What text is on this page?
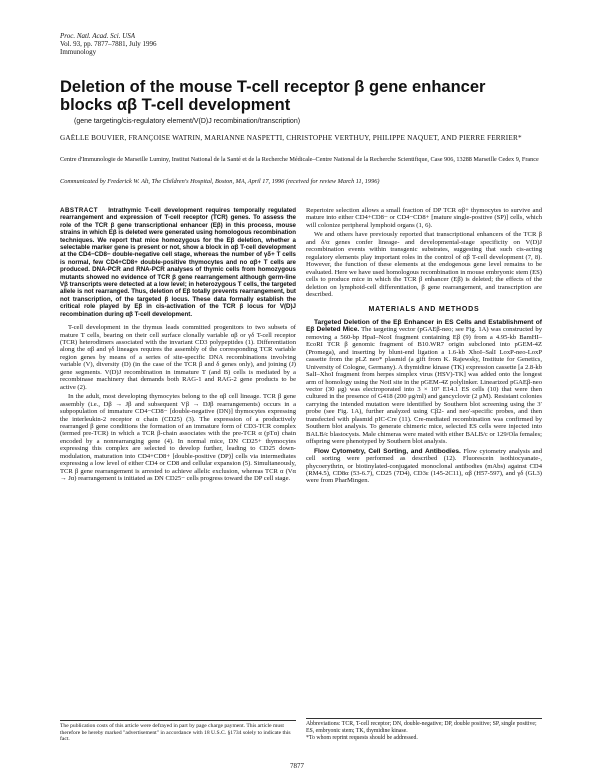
Proc. Natl. Acad. Sci. USA
Vol. 93, pp. 7877–7881, July 1996
Immunology
Deletion of the mouse T-cell receptor β gene enhancer blocks αβ T-cell development
(gene targeting/cis-regulatory element/V(D)J recombination/transcription)
GAËLLE BOUVIER, FRANÇOISE WATRIN, MARIANNE NASPETTI, CHRISTOPHE VERTHUY, PHILIPPE NAQUET, AND PIERRE FERRIER*
Centre d'Immunologie de Marseille Luminy, Institut National de la Santé et de la Recherche Médicale–Centre National de la Recherche Scientifique, Case 906, 13288 Marseille Cedex 9, France
Communicated by Frederick W. Alt, The Children's Hospital, Boston, MA, April 17, 1996 (received for review March 11, 1996)
ABSTRACT Intrathymic T-cell development requires temporally regulated rearrangement and expression of T-cell receptor (TCR) genes. To assess the role of the TCR β gene transcriptional enhancer (Eβ) in this process, mouse strains in which Eβ is deleted were generated using homologous recombination techniques. We report that mice homozygous for the Eβ deletion, whether a selectable marker gene is present or not, show a block in αβ T-cell development at the CD4−CD8− double-negative cell stage, whereas the number of γδ+ T cells is normal, few CD4+CD8+ double-positive thymocytes and no αβ+ T cells are produced. DNA-PCR and RNA-PCR analyses of thymic cells from homozygous mutants showed no evidence of TCR β gene rearrangement although germ-line Vβ transcripts were detected at a low level; in heterozygous T cells, the targeted allele is not rearranged. Thus, deletion of Eβ totally prevents rearrangement, but not transcription, of the targeted β locus. These data formally establish the critical role played by Eβ in cis-activation of the TCR β locus for V(D)J recombination during αβ T-cell development.

T-cell development in the thymus leads committed progenitors to two subsets of mature T cells, bearing on their cell surface clonally variable αβ or γδ T-cell receptor (TCR) heterodimers associated with the invariant CD3 polypeptides (1). Differentiation along the αβ and γδ lineages requires the assembly of the corresponding TCR variable region genes by means of a series of site-specific DNA recombinations involving variable (V), diversity (D) (in the case of the TCR β and δ genes only), and joining (J) gene segments. V(D)J recombination in immature T (and B) cells is mediated by a recombinase machinery that demands both RAG-1 and RAG-2 gene products to be active (2).

In the adult, most developing thymocytes belong to the αβ cell lineage. TCR β gene assembly (i.e., Dβ → Jβ and subsequent Vβ → DJβ rearrangements) occurs in a subpopulation of immature CD4−CD8− [double-negative (DN)] thymocytes expressing the interleukin-2 receptor α chain (CD25) (3). The expression of a productively rearranged β gene conditions the formation of an immature form of CD3-TCR complex (termed pre-TCR) in which a TCR β-chain associates with the pre-TCR α (pTα) chain encoded by a nonrearranging gene (4). In normal mice, DN CD25+ thymocytes expressing this complex are selected to develop further, leading to CD25 down-modulation, maturation into CD4+CD8+ [double-positive (DP)] cells via intermediates expressing a low level of either CD4 or CD8 and cellular expansion (5). Simultaneously, TCR β gene rearrangement is arrested to achieve allelic exclusion, whereas TCR α (Vα → Jα) rearrangement is initiated as DN CD25− cells progress toward the DP cell stage.

Repertoire selection allows a small fraction of DP TCR αβ+ thymocytes to survive and mature into either CD4+CD8− or CD4−CD8+ [mature single-positive (SP)] cells, which will colonize peripheral lymphoid organs (1, 6).

We and others have previously reported that transcriptional enhancers of the TCR β and δ/α genes confer lineage- and developmental-stage specificity on V(D)J recombination events within transgenic substrates, suggesting that such cis-acting regulatory elements play important roles in the control of αβ T-cell development (7, 8). However, the function of these elements at the endogenous gene level remains to be evaluated. Here we have used homologous recombination in mouse embryonic stem (ES) cells to produce mice in which the TCR β enhancer (Eβ) is deleted; the effects of the deletion on lymphoid-cell differentiation, β gene rearrangement, and transcription are described.

MATERIALS AND METHODS

Targeted Deletion of the Eβ Enhancer in ES Cells and Establishment of Eβ Deleted Mice. The targeting vector (pGAEβ-neo; see Fig. 1A) was constructed by removing a 560-bp HpaI–NcoI fragment containing Eβ (9) from a 4.95-kb BamHI–EcoRI TCR β genomic fragment of B10.WR7 origin subcloned into pGEM-4Z (Promega), and inserting by blunt-end ligation a 1.6-kb XhoI–SalI LoxP-neo-LoxP cassette from the pLZ neo* plasmid (a gift from K. Rajewsky, Institute for Genetics, University of Cologne, Germany). A thymidine kinase (TK) expression cassette [a 2.8-kb SalI–XhoI fragment from herpes simplex virus (HSV)-TK] was added onto the longest arm of homology using the NotI site in the pGEM-4Z polylinker. Linearized pGAEβ-neo vector (30 μg) was electroporated into 3 × 10⁷ E14.1 ES cells (10) that were then cultured in the presence of G418 (200 μg/ml) and gancyclovir (2 μM). Resistant colonies carrying the intended mutation were identified by Southern blot screening using the 3′ probe (see Fig. 1A), further analyzed using Cβ2- and neo′-specific probes, and then transfected with plasmid pIC-Cre (11). Cre-mediated recombination was confirmed by Southern blot analysis. To generate chimeric mice, selected ES cells were injected into BALB/c blastocysts. Male chimeras were mated with either BALB/c or 129/Ola females; offspring were phenotyped by Southern blot analysis.

Flow Cytometry, Cell Sorting, and Antibodies. Flow cytometry analysis and cell sorting were performed as described (12). Fluorescein isothiocyanate-, phycoerythrin, or biotinylated-conjugated monoclonal antibodies (mAbs) against CD4 (RM4.5), CD8α (53-6.7), CD25 (7D4), CD3ε (145-2C11), αβ (H57-597), and γδ (GL3) were from PharMingen.

The publication costs of this article were defrayed in part by page charge payment. This article must therefore be hereby marked "advertisement" in accordance with 18 U.S.C. §1734 solely to indicate this fact.
Abbreviations: TCR, T-cell receptor; DN, double-negative; DP, double positive; SP, single positive; ES, embryonic stem; TK, thymidine kinase.
*To whom reprint requests should be addressed.
7877
